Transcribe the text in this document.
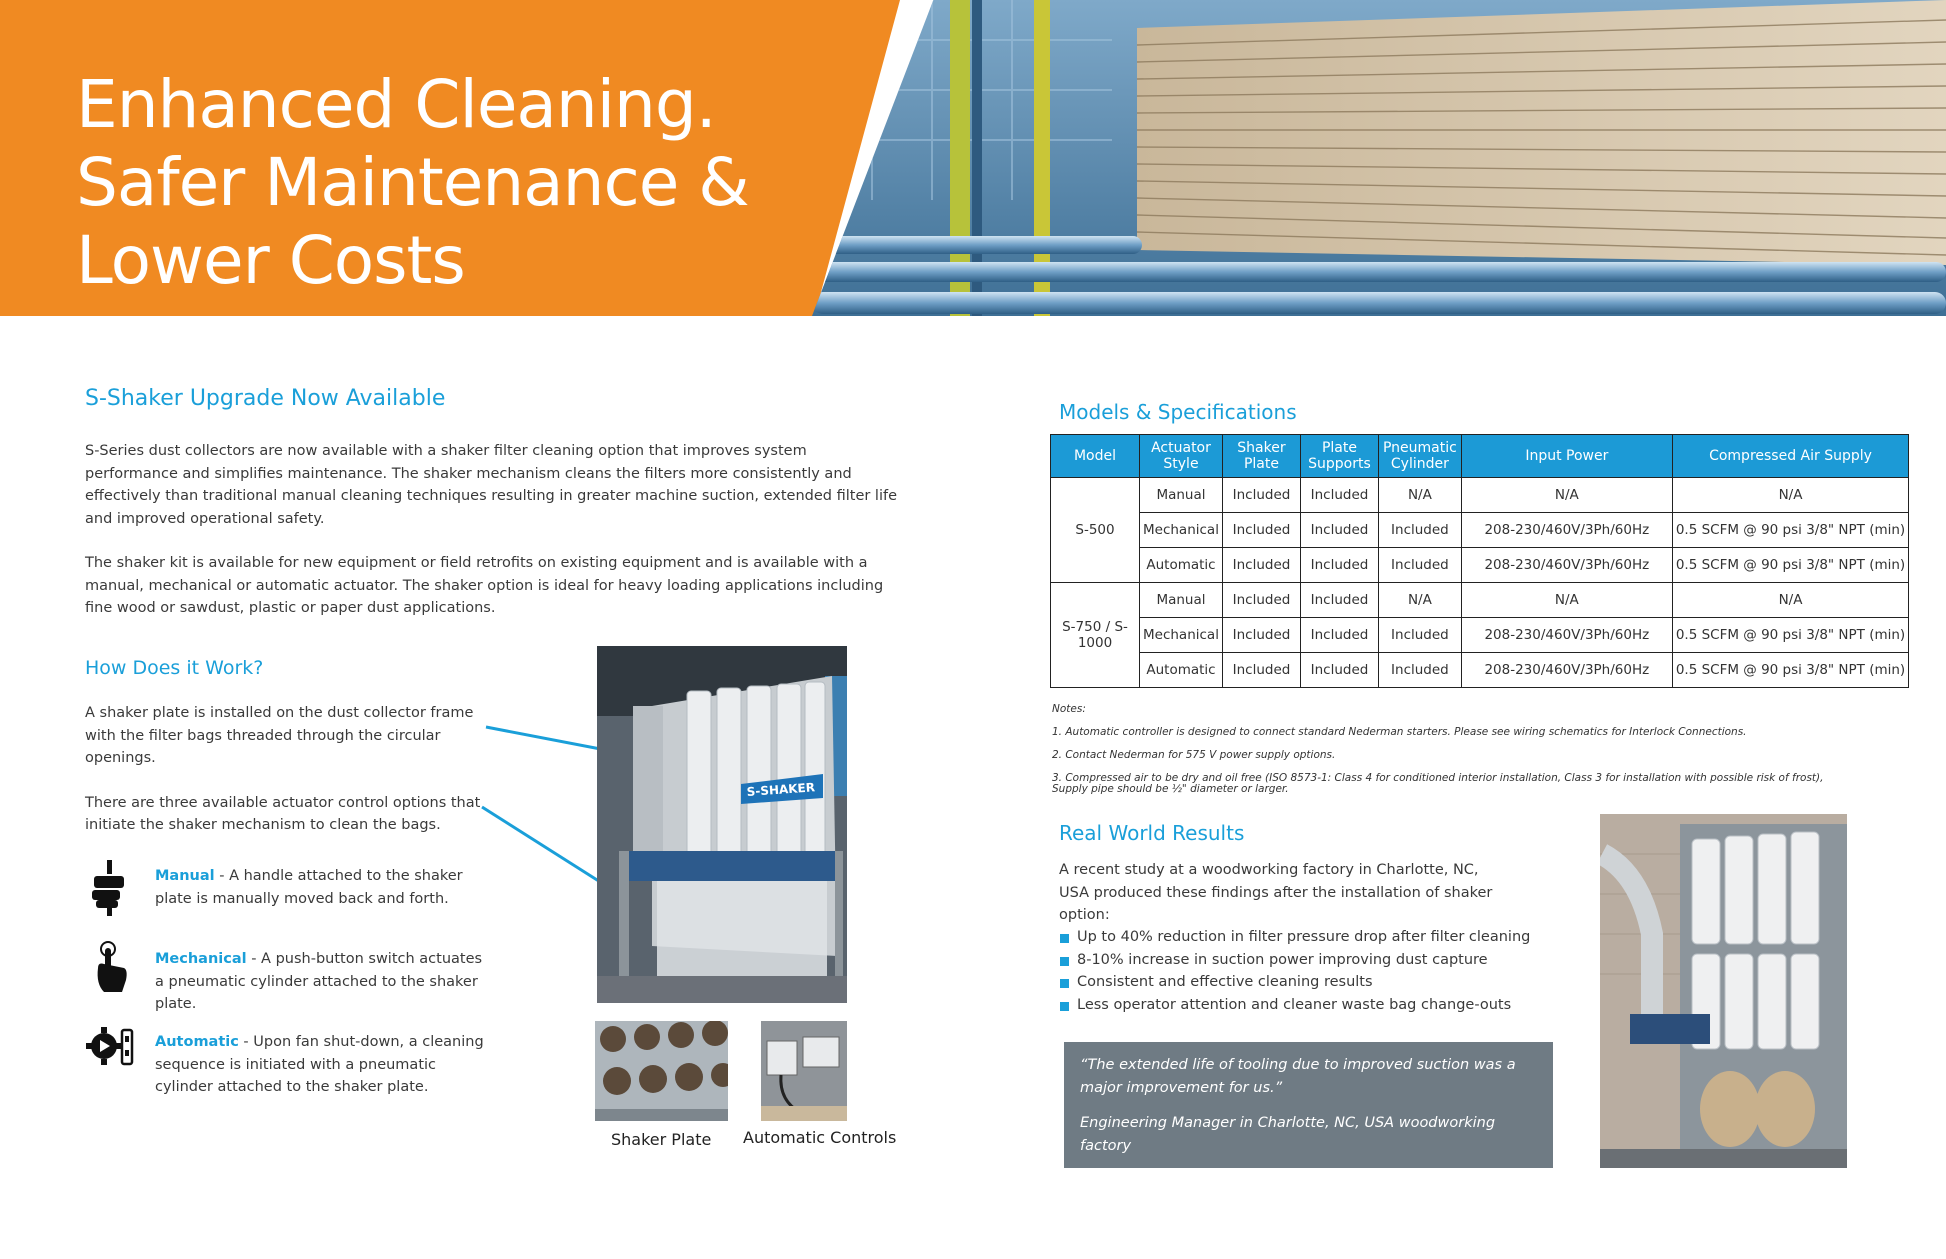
Enhanced Cleaning.
Safer Maintenance &
Lower Costs
S-Shaker Upgrade Now Available

S-Series dust collectors are now available with a shaker filter cleaning option that improves system performance and simplifies maintenance. The shaker mechanism cleans the filters more consistently and effectively than traditional manual cleaning techniques resulting in greater machine suction, extended filter life and improved operational safety.

The shaker kit is available for new equipment or field retrofits on existing equipment and is available with a manual, mechanical or automatic actuator. The shaker option is ideal for heavy loading applications including fine wood or sawdust, plastic or paper dust applications.

How Does it Work?

A shaker plate is installed on the dust collector frame with the filter bags threaded through the circular openings.

There are three available actuator control options that initiate the shaker mechanism to clean the bags.

Manual - A handle attached to the shaker plate is manually moved back and forth.
Mechanical - A push-button switch actuates a pneumatic cylinder attached to the shaker plate.
Automatic - Upon fan shut-down, a cleaning sequence is initiated with a pneumatic cylinder attached to the shaker plate.
S-SHAKER
Shaker Plate Automatic Controls
Models & Specifications
Model	Actuator Style	Shaker Plate	Plate Supports	Pneumatic Cylinder	Input Power	Compressed Air Supply
S-500	Manual	Included	Included	N/A	N/A	N/A
	Mechanical	Included	Included	Included	208-230/460V/3Ph/60Hz	0.5 SCFM @ 90 psi 3/8" NPT (min)
	Automatic	Included	Included	Included	208-230/460V/3Ph/60Hz	0.5 SCFM @ 90 psi 3/8" NPT (min)
S-750 / S-1000	Manual	Included	Included	N/A	N/A	N/A
	Mechanical	Included	Included	Included	208-230/460V/3Ph/60Hz	0.5 SCFM @ 90 psi 3/8" NPT (min)
	Automatic	Included	Included	Included	208-230/460V/3Ph/60Hz	0.5 SCFM @ 90 psi 3/8" NPT (min)
Notes:
1. Automatic controller is designed to connect standard Nederman starters. Please see wiring schematics for Interlock Connections.
2. Contact Nederman for 575 V power supply options.
3. Compressed air to be dry and oil free (ISO 8573-1: Class 4 for conditioned interior installation, Class 3 for installation with possible risk of frost), Supply pipe should be ½" diameter or larger.
Real World Results
A recent study at a woodworking factory in Charlotte, NC, USA produced these findings after the installation of shaker option:
Up to 40% reduction in filter pressure drop after filter cleaning
8-10% increase in suction power improving dust capture
Consistent and effective cleaning results
Less operator attention and cleaner waste bag change-outs

“The extended life of tooling due to improved suction was a major improvement for us.”

Engineering Manager in Charlotte, NC, USA woodworking factory
